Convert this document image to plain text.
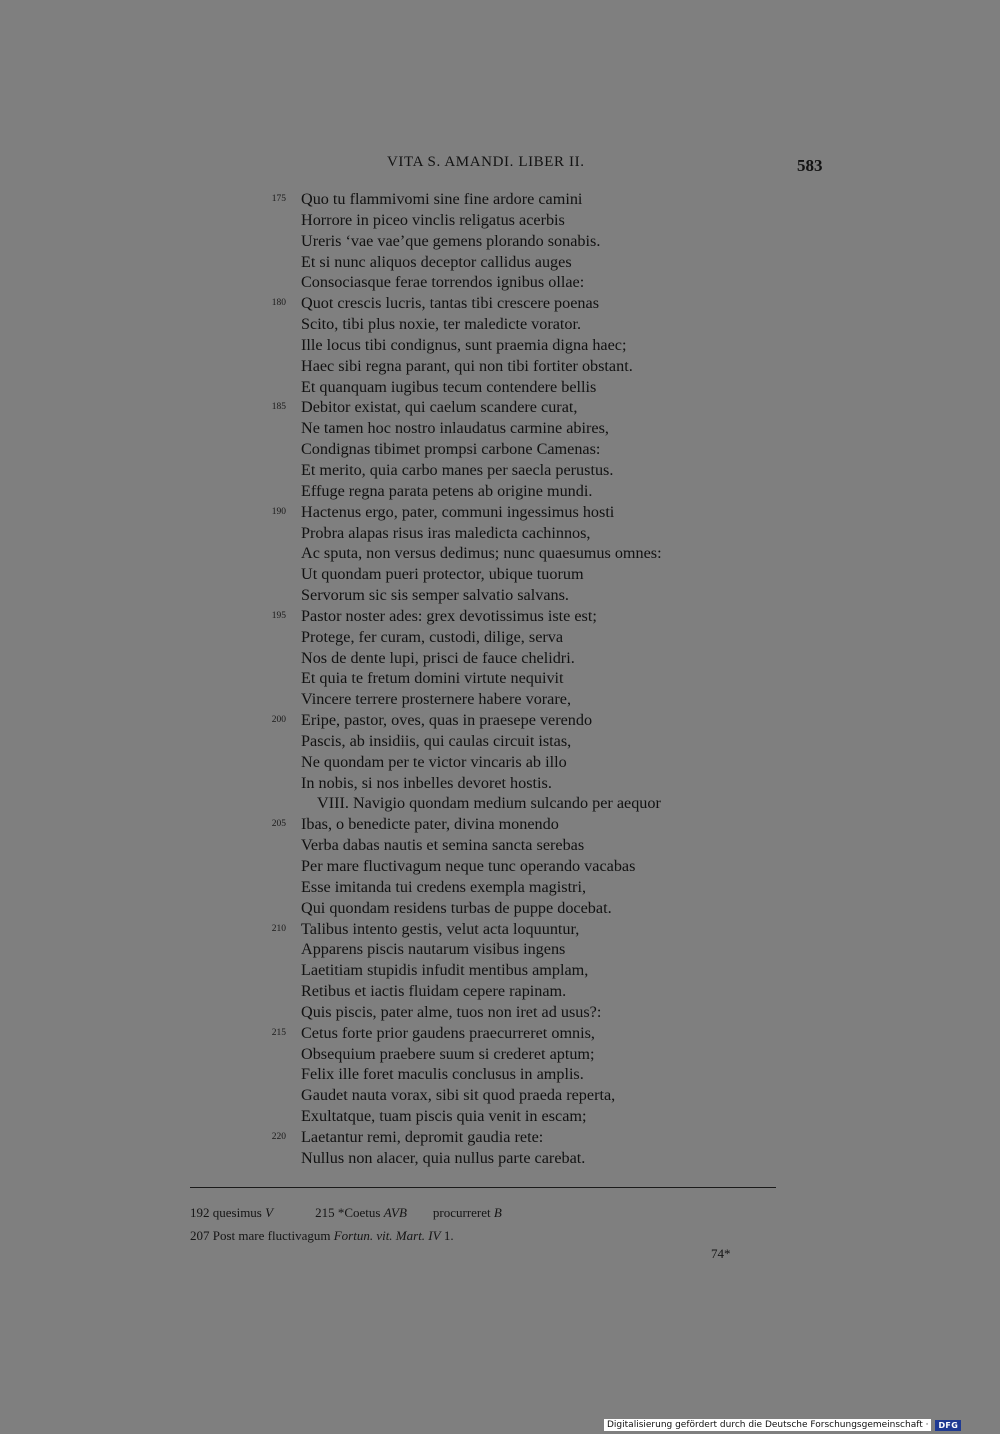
VITA S. AMANDI. LIBER II.	583
175 Quo tu flammivomi sine fine ardore camini
Horrore in piceo vinclis religatus acerbis
Ureris ‘vae vae’que gemens plorando sonabis.
Et si nunc aliquos deceptor callidus auges
Consociasque ferae torrendos ignibus ollae:
180 Quot crescis lucris, tantas tibi crescere poenas
Scito, tibi plus noxie, ter maledicte vorator.
Ille locus tibi condignus, sunt praemia digna haec;
Haec sibi regna parant, qui non tibi fortiter obstant.
Et quanquam iugibus tecum contendere bellis
185 Debitor existat, qui caelum scandere curat,
Ne tamen hoc nostro inlaudatus carmine abires,
Condignas tibimet prompsi carbone Camenas:
Et merito, quia carbo manes per saecla perustus.
Effuge regna parata petens ab origine mundi.
190 Hactenus ergo, pater, communi ingessimus hosti
Probra alapas risus iras maledicta cachinnos,
Ac sputa, non versus dedimus; nunc quaesumus omnes:
Ut quondam pueri protector, ubique tuorum
Servorum sic sis semper salvatio salvans.
195 Pastor noster ades: grex devotissimus iste est;
Protege, fer curam, custodi, dilige, serva
Nos de dente lupi, prisci de fauce chelidri.
Et quia te fretum domini virtute nequivit
Vincere terrere prosternere habere vorare,
200 Eripe, pastor, oves, quas in praesepe verendo
Pascis, ab insidiis, qui caulas circuit istas,
Ne quondam per te victor vincaris ab illo
In nobis, si nos inbelles devoret hostis.
VIII. Navigio quondam medium sulcando per aequor
205 Ibas, o benedicte pater, divina monendo
Verba dabas nautis et semina sancta serebas
Per mare fluctivagum neque tunc operando vacabas
Esse imitanda tui credens exempla magistri,
Qui quondam residens turbas de puppe docebat.
210 Talibus intento gestis, velut acta loquuntur,
Apparens piscis nautarum visibus ingens
Laetitiam stupidis infudit mentibus amplam,
Retibus et iactis fluidam cepere rapinam.
Quis piscis, pater alme, tuos non iret ad usus?:
215 Cetus forte prior gaudens praecurreret omnis,
Obsequium praebere suum si crederet aptum;
Felix ille foret maculis conclusus in amplis.
Gaudet nauta vorax, sibi sit quod praeda reperta,
Exultatque, tuam piscis quia venit in escam;
220 Laetantur remi, depromit gaudia rete:
Nullus non alacer, quia nullus parte carebat.
192 quesimus V	215 *Coetus AVB procurreret B
207 Post mare fluctivagum Fortun. vit. Mart. IV 1.
74*
Digitalisierung gefördert durch die Deutsche Forschungsgemeinschaft ·	DFG
